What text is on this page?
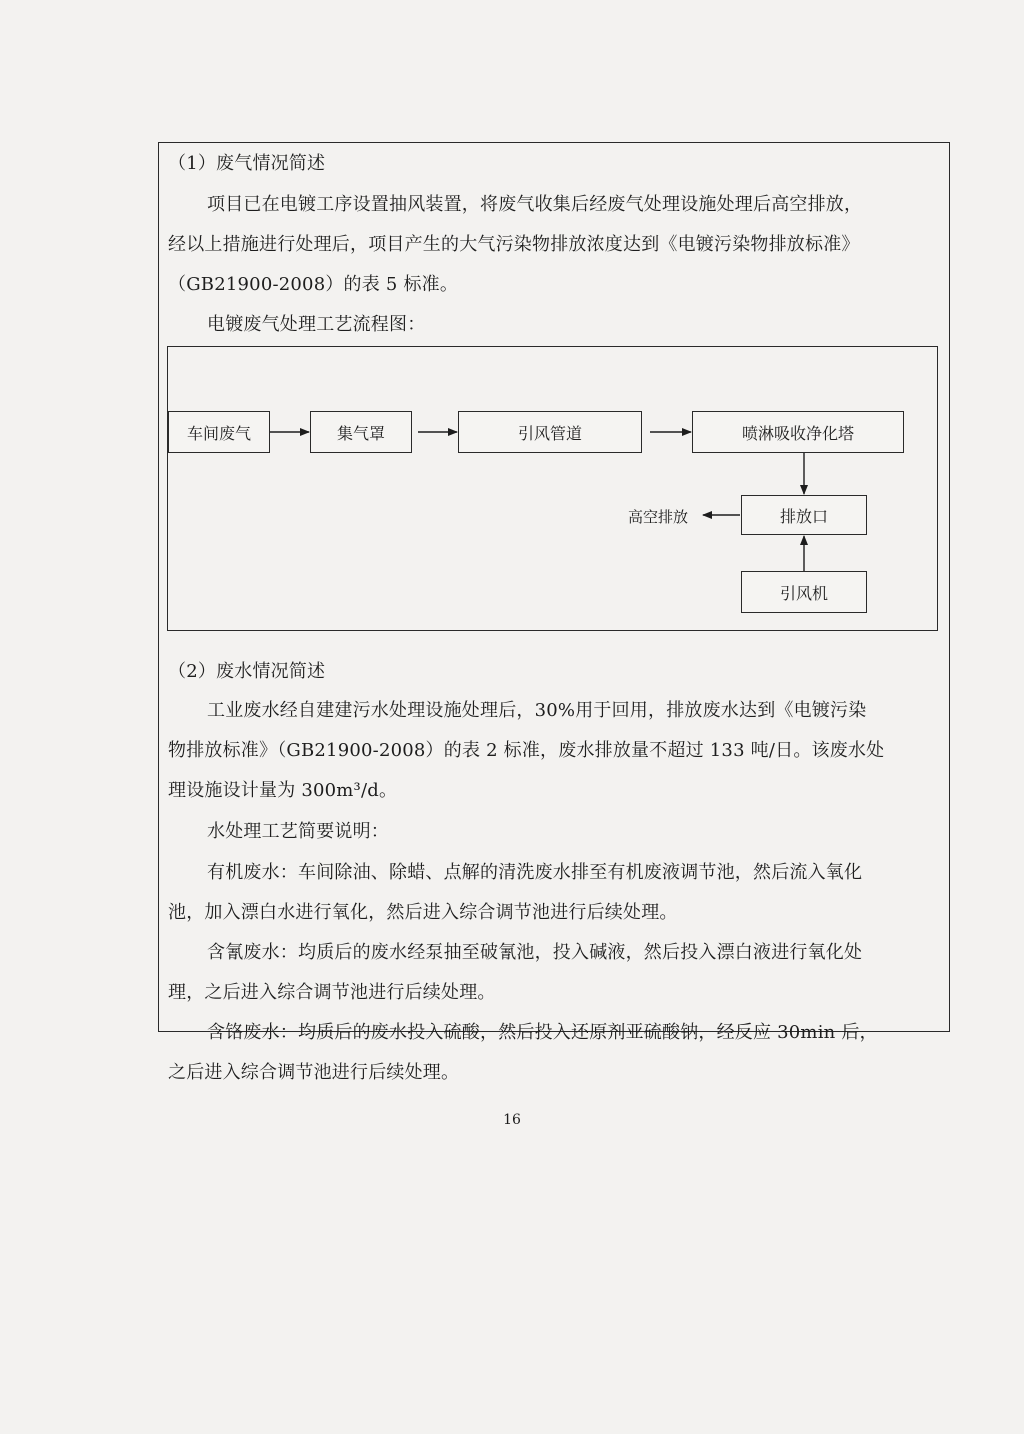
（1）废气情况简述
项目已在电镀工序设置抽风装置，将废气收集后经废气处理设施处理后高空排放，
经以上措施进行处理后，项目产生的大气污染物排放浓度达到《电镀污染物排放标准》
（GB21900-2008）的表 5 标准。
电镀废气处理工艺流程图：
车间废气	集气罩	引风管道	喷淋吸收净化塔
排放口
引风机
高空排放
（2）废水情况简述
工业废水经自建建污水处理设施处理后，30%用于回用，排放废水达到《电镀污染
物排放标准》（GB21900-2008）的表 2 标准，废水排放量不超过 133 吨/日。该废水处
理设施设计量为 300m³/d。
水处理工艺简要说明：
有机废水：车间除油、除蜡、点解的清洗废水排至有机废液调节池，然后流入氧化
池，加入漂白水进行氧化，然后进入综合调节池进行后续处理。
含氰废水：均质后的废水经泵抽至破氰池，投入碱液，然后投入漂白液进行氧化处
理，之后进入综合调节池进行后续处理。
含铬废水：均质后的废水投入硫酸，然后投入还原剂亚硫酸钠，经反应 30min 后，
之后进入综合调节池进行后续处理。
16
